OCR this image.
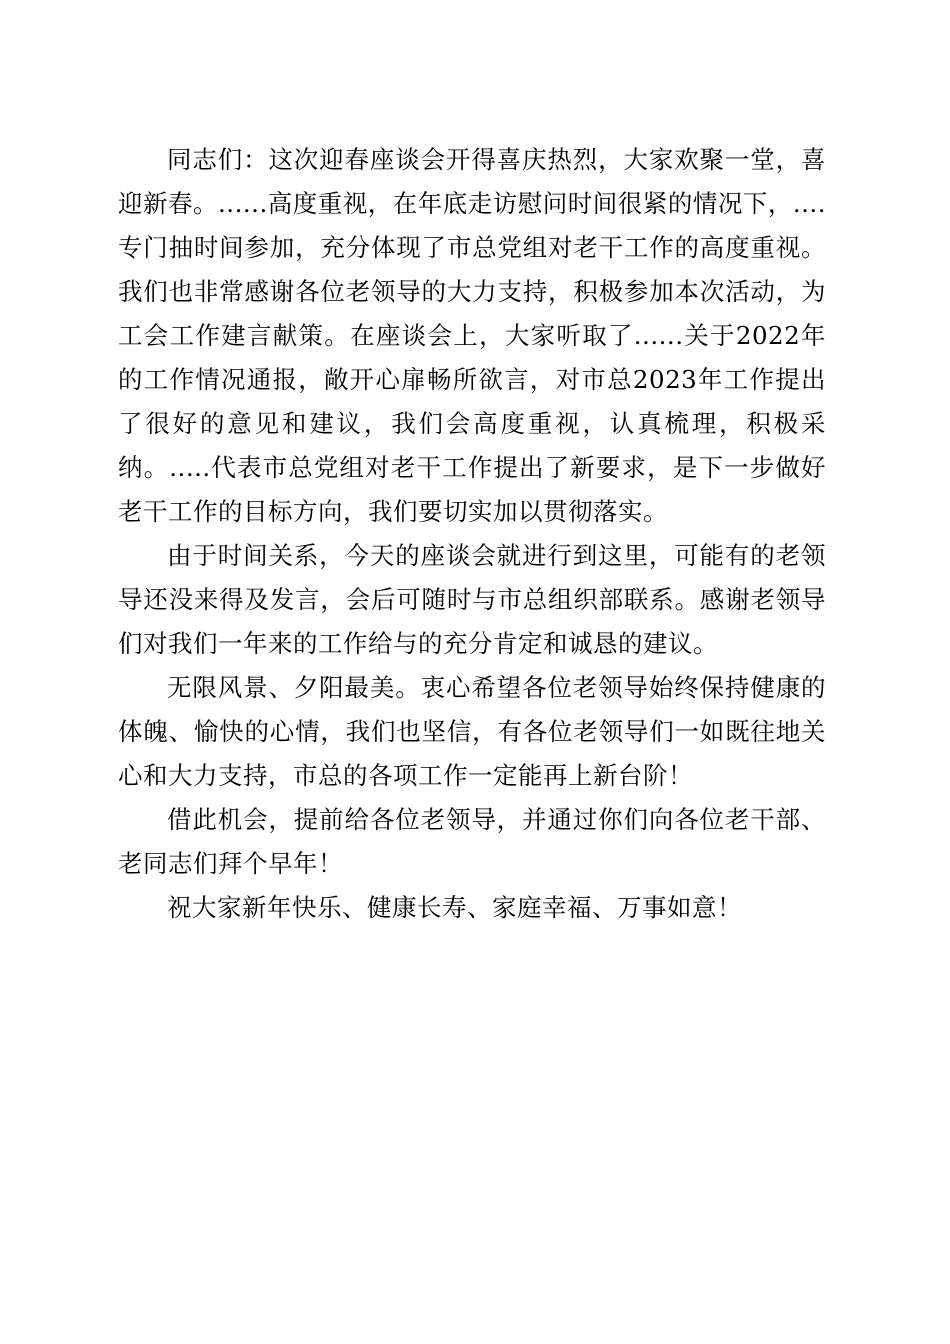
同志们：这次迎春座谈会开得喜庆热烈，大家欢聚一堂，喜迎新春。......高度重视，在年底走访慰问时间很紧的情况下，....专门抽时间参加，充分体现了市总党组对老干工作的高度重视。我们也非常感谢各位老领导的大力支持，积极参加本次活动，为工会工作建言献策。在座谈会上，大家听取了......关于2022年的工作情况通报，敞开心扉畅所欲言，对市总2023年工作提出了很好的意见和建议，我们会高度重视，认真梳理，积极采纳。.....代表市总党组对老干工作提出了新要求，是下一步做好老干工作的目标方向，我们要切实加以贯彻落实。

由于时间关系，今天的座谈会就进行到这里，可能有的老领导还没来得及发言，会后可随时与市总组织部联系。感谢老领导们对我们一年来的工作给与的充分肯定和诚恳的建议。

无限风景、夕阳最美。衷心希望各位老领导始终保持健康的体魄、愉快的心情，我们也坚信，有各位老领导们一如既往地关心和大力支持，市总的各项工作一定能再上新台阶！

借此机会，提前给各位老领导，并通过你们向各位老干部、老同志们拜个早年！

祝大家新年快乐、健康长寿、家庭幸福、万事如意！
